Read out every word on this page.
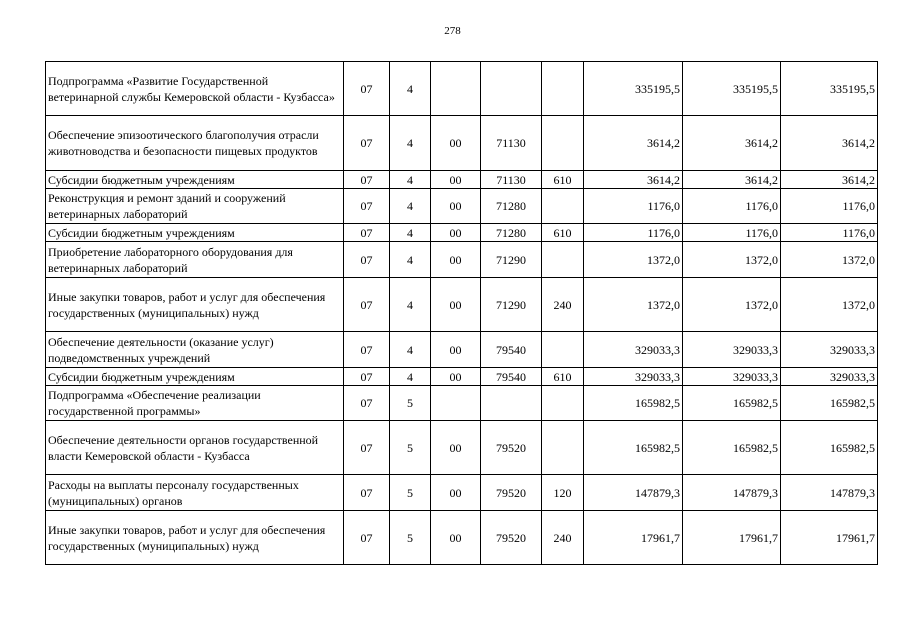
278
Подпрограмма «Развитие Государственной ветеринарной службы Кемеровской области - Кузбасса»	07	4				335195,5	335195,5	335195,5
Обеспечение эпизоотического благополучия отрасли животноводства и безопасности пищевых продуктов	07	4	00	71130		3614,2	3614,2	3614,2
Субсидии бюджетным учреждениям	07	4	00	71130	610	3614,2	3614,2	3614,2
Реконструкция и ремонт зданий и сооружений ветеринарных лабораторий	07	4	00	71280		1176,0	1176,0	1176,0
Субсидии бюджетным учреждениям	07	4	00	71280	610	1176,0	1176,0	1176,0
Приобретение лабораторного оборудования для ветеринарных лабораторий	07	4	00	71290		1372,0	1372,0	1372,0
Иные закупки товаров, работ и услуг для обеспечения государственных (муниципальных) нужд	07	4	00	71290	240	1372,0	1372,0	1372,0
Обеспечение деятельности (оказание услуг) подведомственных учреждений	07	4	00	79540		329033,3	329033,3	329033,3
Субсидии бюджетным учреждениям	07	4	00	79540	610	329033,3	329033,3	329033,3
Подпрограмма «Обеспечение реализации государственной программы»	07	5				165982,5	165982,5	165982,5
Обеспечение деятельности органов государственной власти Кемеровской области - Кузбасса	07	5	00	79520		165982,5	165982,5	165982,5
Расходы на выплаты персоналу государственных (муниципальных) органов	07	5	00	79520	120	147879,3	147879,3	147879,3
Иные закупки товаров, работ и услуг для обеспечения государственных (муниципальных) нужд	07	5	00	79520	240	17961,7	17961,7	17961,7
